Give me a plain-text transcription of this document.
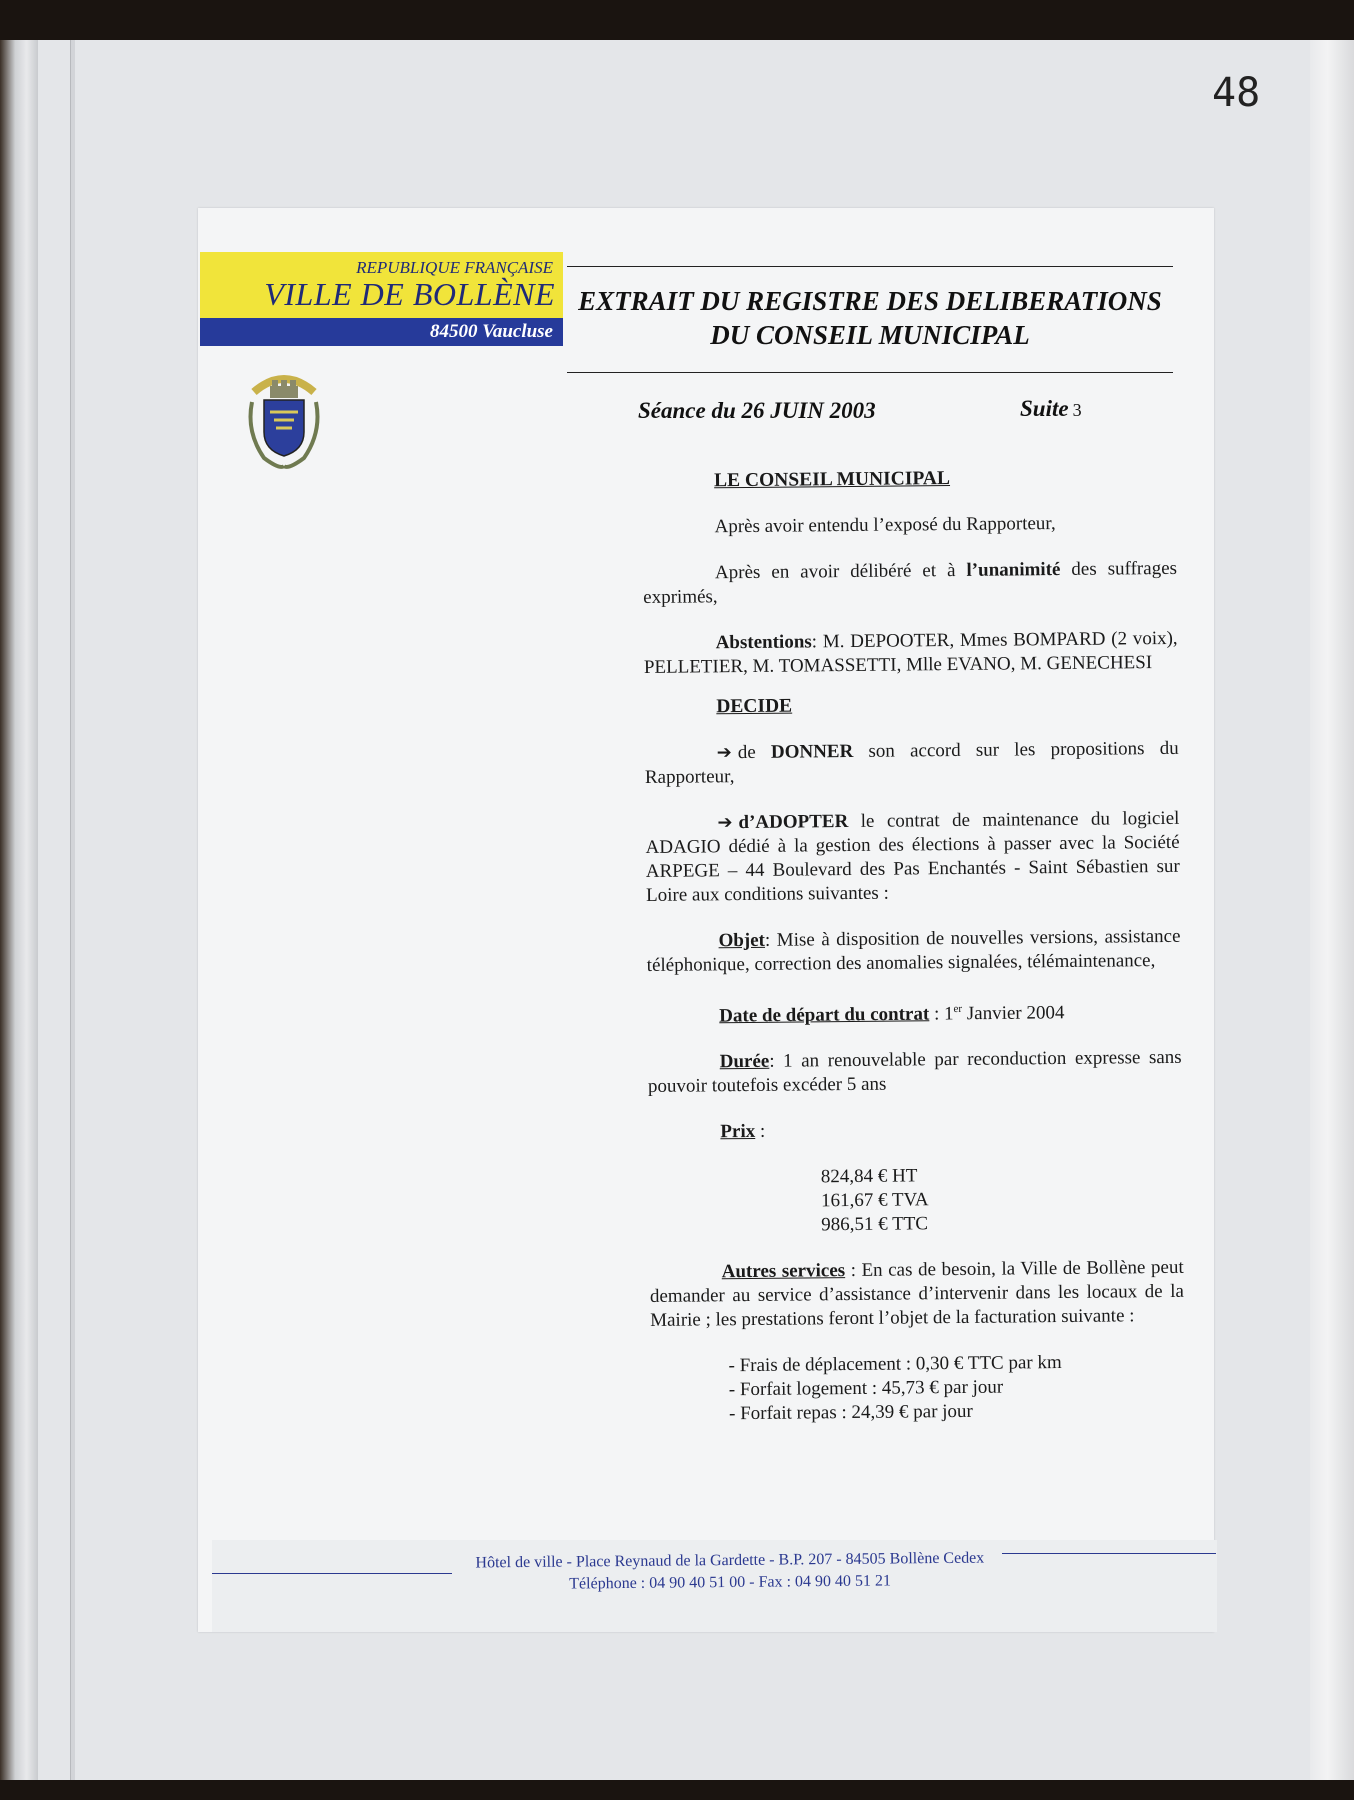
48
REPUBLIQUE FRANÇAISE
VILLE DE BOLLÈNE
84500 Vaucluse
EXTRAIT DU REGISTRE DES DELIBERATIONS
DU CONSEIL MUNICIPAL
Séance du 26 JUIN 2003	Suite 3

LE CONSEIL MUNICIPAL

Après avoir entendu l’exposé du Rapporteur,

Après en avoir délibéré et à l’unanimité des suffrages exprimés,

Abstentions: M. DEPOOTER, Mmes BOMPARD (2 voix), PELLETIER, M. TOMASSETTI, Mlle EVANO, M. GENECHESI

DECIDE

➔ de DONNER son accord sur les propositions du Rapporteur,

➔ d’ADOPTER le contrat de maintenance du logiciel ADAGIO dédié à la gestion des élections à passer avec la Société ARPEGE – 44 Boulevard des Pas Enchantés - Saint Sébastien sur Loire aux conditions suivantes :

Objet: Mise à disposition de nouvelles versions, assistance téléphonique, correction des anomalies signalées, télémaintenance,

Date de départ du contrat : 1er Janvier 2004

Durée: 1 an renouvelable par reconduction expresse sans pouvoir toutefois excéder 5 ans

Prix :

824,84 € HT
161,67 € TVA
986,51 € TTC

Autres services : En cas de besoin, la Ville de Bollène peut demander au service d’assistance d’intervenir dans les locaux de la Mairie ; les prestations feront l’objet de la facturation suivante :

- Frais de déplacement : 0,30 € TTC par km
- Forfait logement : 45,73 € par jour
- Forfait repas : 24,39 € par jour
Hôtel de ville - Place Reynaud de la Gardette - B.P. 207 - 84505 Bollène Cedex
Téléphone : 04 90 40 51 00 - Fax : 04 90 40 51 21
